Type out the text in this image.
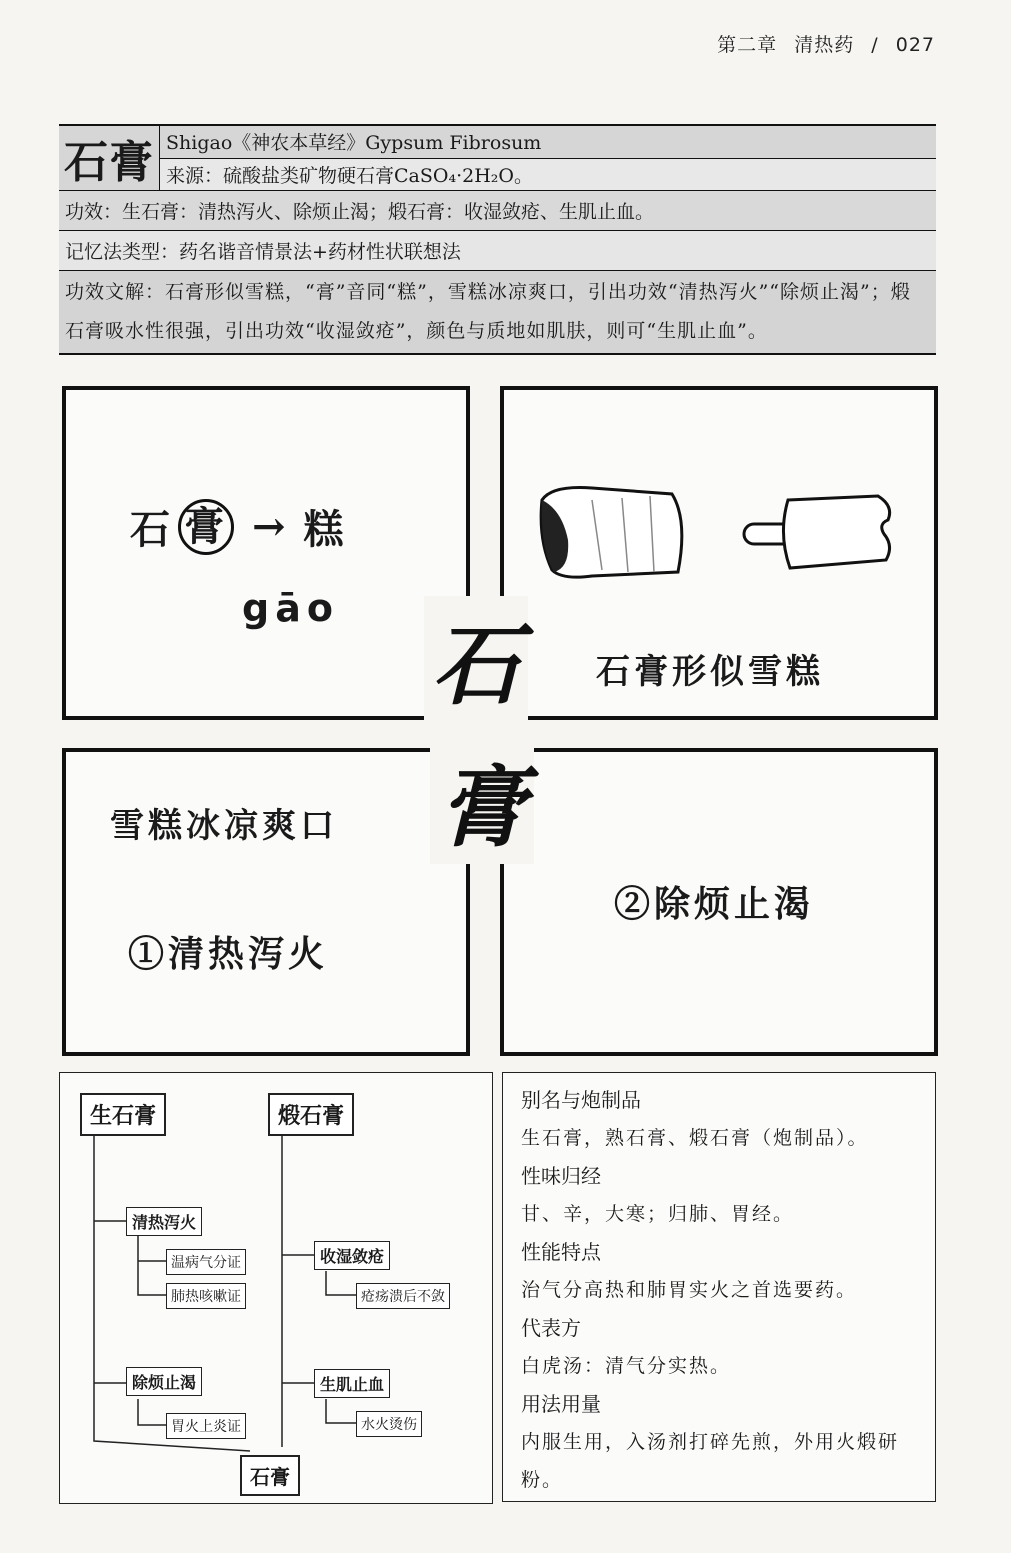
第二章 清热药 / 027
石膏 Shigao《神农本草经》Gypsum Fibrosum
来源：硫酸盐类矿物硬石膏CaSO₄·2H₂O。
功效：生石膏：清热泻火、除烦止渴；煅石膏：收湿敛疮、生肌止血。
记忆法类型：药名谐音情景法+药材性状联想法
功效文解：石膏形似雪糕，“膏”音同“糕”，雪糕冰凉爽口，引出功效“清热泻火”“除烦止渴”；煅石膏吸水性很强，引出功效“收湿敛疮”，颜色与质地如肌肤，则可“生肌止血”。
石 膏 → 糕
gāo
石膏形似雪糕
雪糕冰凉爽口
①清热泻火
②除烦止渴
石
膏
生石膏	煅石膏
清热泻火
温病气分证
肺热咳嗽证
除烦止渴
胃火上炎证
收湿敛疮
疮疡溃后不敛
生肌止血
水火烫伤
石膏
别名与炮制品
生石膏，熟石膏、煅石膏（炮制品）。
性味归经
甘、辛，大寒；归肺、胃经。
性能特点
治气分高热和肺胃实火之首选要药。
代表方
白虎汤：清气分实热。
用法用量
内服生用，入汤剂打碎先煎，外用火煅研粉。
